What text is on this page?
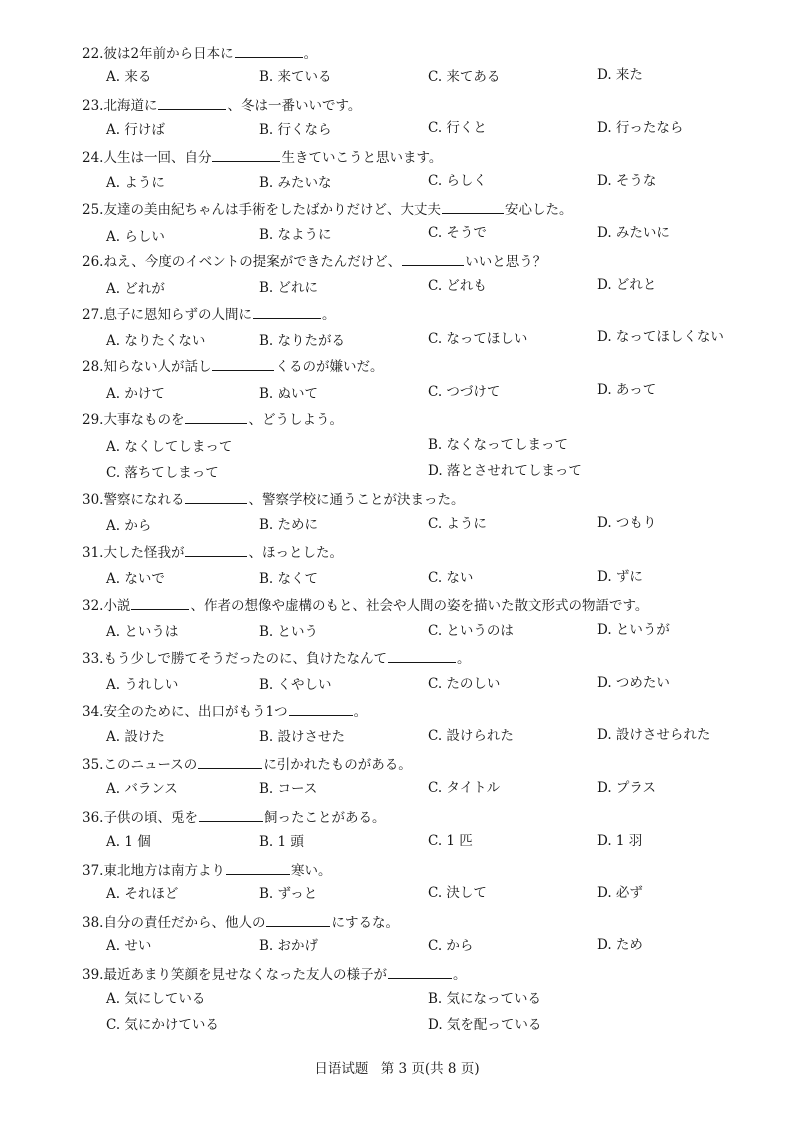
22.彼は2年前から日本に	。
A. 来る	B. 来ている	C. 来てある	D. 来た
23.北海道に	、冬は一番いいです。
A. 行けば	B. 行くなら	C. 行くと	D. 行ったなら
24.人生は一回、自分	生きていこうと思います。
A. ように	B. みたいな	C. らしく	D. そうな
25.友達の美由紀ちゃんは手術をしたばかりだけど、大丈夫	安心した。
A. らしい	B. なように	C. そうで	D. みたいに
26.ねえ、今度のイベントの提案ができたんだけど、	いいと思う？
A. どれが	B. どれに	C. どれも	D. どれと
27.息子に恩知らずの人間に	。
A. なりたくない	B. なりたがる	C. なってほしい	D. なってほしくない
28.知らない人が話し	くるのが嫌いだ。
A. かけて	B. ぬいて	C. つづけて	D. あって
29.大事なものを	、どうしよう。
A. なくしてしまって	B. なくなってしまって
C. 落ちてしまって	D. 落とさせれてしまって
30.警察になれる	、警察学校に通うことが決まった。
A. から	B. ために	C. ように	D. つもり
31.大した怪我が	、ほっとした。
A. ないで	B. なくて	C. ない	D. ずに
32.小説	、作者の想像や虚構のもと、社会や人間の姿を描いた散文形式の物語です。
A. というは	B. という	C. というのは	D. というが
33.もう少しで勝てそうだったのに、負けたなんて	。
A. うれしい	B. くやしい	C. たのしい	D. つめたい
34.安全のために、出口がもう1つ	。
A. 設けた	B. 設けさせた	C. 設けられた	D. 設けさせられた
35.このニュースの	に引かれたものがある。
A. バランス	B. コース	C. タイトル	D. プラス
36.子供の頃、兎を	飼ったことがある。
A. 1 個	B. 1 頭	C. 1 匹	D. 1 羽
37.東北地方は南方より	寒い。
A. それほど	B. ずっと	C. 決して	D. 必ず
38.自分の責任だから、他人の	にするな。
A. せい	B. おかげ	C. から	D. ため
39.最近あまり笑顔を見せなくなった友人の様子が	。
A. 気にしている	B. 気になっている
C. 気にかけている	D. 気を配っている
日语试题 第 3 页(共 8 页)
